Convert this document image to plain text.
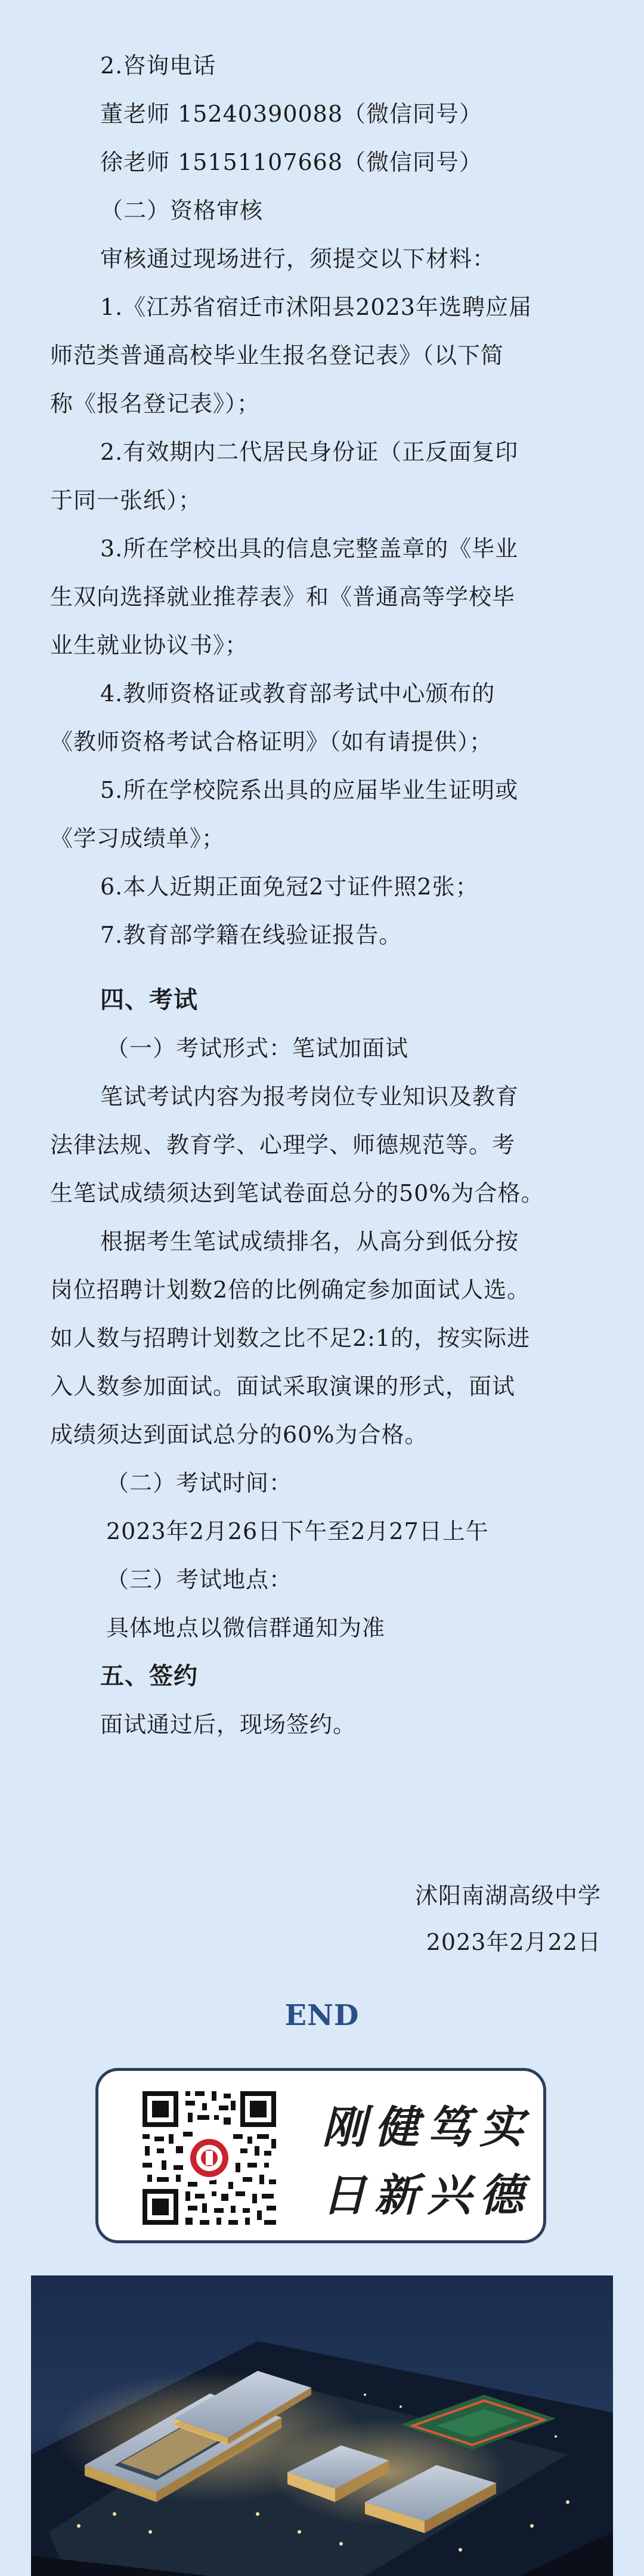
2.咨询电话
董老师 15240390088（微信同号）
徐老师 15151107668（微信同号）
（二）资格审核
审核通过现场进行，须提交以下材料：
1.《江苏省宿迁市沭阳县2023年选聘应届
师范类普通高校毕业生报名登记表》（以下简
称《报名登记表》）；
2.有效期内二代居民身份证（正反面复印
于同一张纸）；
3.所在学校出具的信息完整盖章的《毕业
生双向选择就业推荐表》和《普通高等学校毕
业生就业协议书》；
4.教师资格证或教育部考试中心颁布的
《教师资格考试合格证明》（如有请提供）；
5.所在学校院系出具的应届毕业生证明或
《学习成绩单》；
6.本人近期正面免冠2寸证件照2张；
7.教育部学籍在线验证报告。
四、考试
（一）考试形式：笔试加面试
笔试考试内容为报考岗位专业知识及教育
法律法规、教育学、心理学、师德规范等。考
生笔试成绩须达到笔试卷面总分的50%为合格。
根据考生笔试成绩排名，从高分到低分按
岗位招聘计划数2倍的比例确定参加面试人选。
如人数与招聘计划数之比不足2:1的，按实际进
入人数参加面试。面试采取演课的形式，面试
成绩须达到面试总分的60%为合格。
（二）考试时间：
2023年2月26日下午至2月27日上午
（三）考试地点：
具体地点以微信群通知为准
五、签约
面试通过后，现场签约。
沭阳南湖高级中学
2023年2月22日
END
刚健笃实
日新兴德
